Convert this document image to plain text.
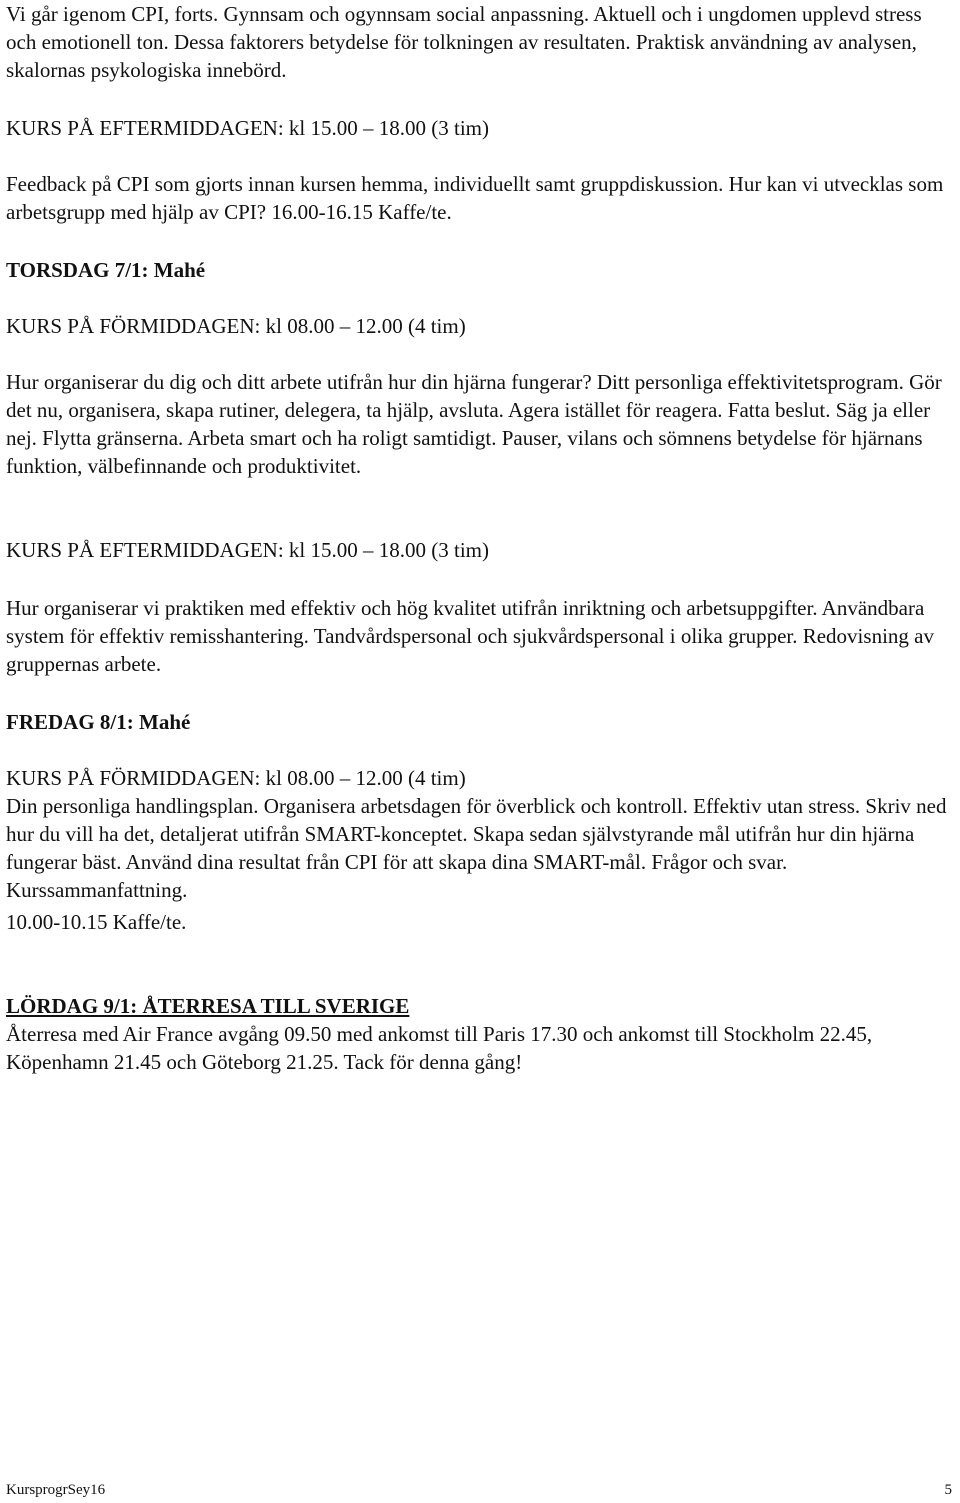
Vi går igenom CPI, forts. Gynnsam och ogynnsam social anpassning. Aktuell och i ungdomen upplevd stress och emotionell ton. Dessa faktorers betydelse för tolkningen av resultaten. Praktisk användning av analysen, skalornas psykologiska innebörd.

KURS PÅ EFTERMIDDAGEN: kl 15.00 – 18.00 (3 tim)

Feedback på CPI som gjorts innan kursen hemma, individuellt samt gruppdiskussion. Hur kan vi utvecklas som arbetsgrupp med hjälp av CPI? 16.00-16.15 Kaffe/te.

TORSDAG 7/1: Mahé

KURS PÅ FÖRMIDDAGEN: kl 08.00 – 12.00 (4 tim)

Hur organiserar du dig och ditt arbete utifrån hur din hjärna fungerar? Ditt personliga effektivitetsprogram. Gör det nu, organisera, skapa rutiner, delegera, ta hjälp, avsluta. Agera istället för reagera. Fatta beslut. Säg ja eller nej. Flytta gränserna. Arbeta smart och ha roligt samtidigt. Pauser, vilans och sömnens betydelse för hjärnans funktion, välbefinnande och produktivitet.

KURS PÅ EFTERMIDDAGEN: kl 15.00 – 18.00 (3 tim)

Hur organiserar vi praktiken med effektiv och hög kvalitet utifrån inriktning och arbetsuppgifter. Användbara system för effektiv remisshantering. Tandvårdspersonal och sjukvårdspersonal i olika grupper. Redovisning av gruppernas arbete.

FREDAG 8/1: Mahé

KURS PÅ FÖRMIDDAGEN: kl 08.00 – 12.00 (4 tim)

Din personliga handlingsplan. Organisera arbetsdagen för överblick och kontroll. Effektiv utan stress. Skriv ned hur du vill ha det, detaljerat utifrån SMART-konceptet. Skapa sedan självstyrande mål utifrån hur din hjärna fungerar bäst. Använd dina resultat från CPI för att skapa dina SMART-mål. Frågor och svar. Kurssammanfattning.

10.00-10.15 Kaffe/te.

LÖRDAG 9/1: ÅTERRESA TILL SVERIGE

Återresa med Air France avgång 09.50 med ankomst till Paris 17.30 och ankomst till Stockholm 22.45, Köpenhamn 21.45 och Göteborg 21.25. Tack för denna gång!

KursprogrSey16	5
